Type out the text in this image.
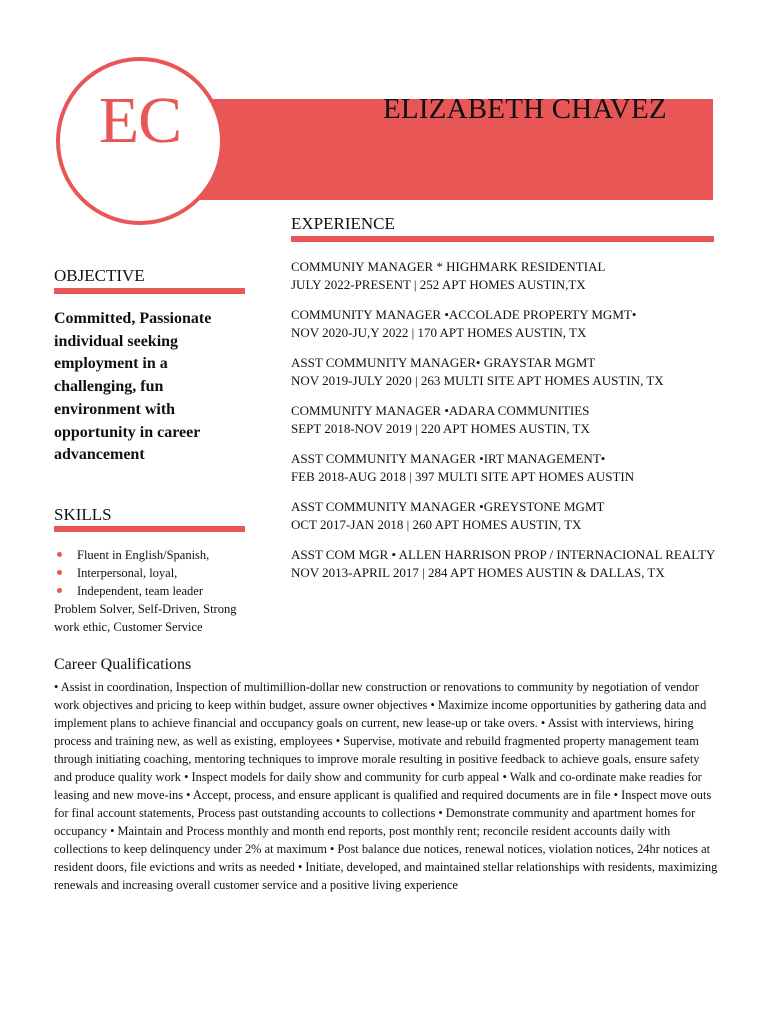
ELIZABETH CHAVEZ
EC
EXPERIENCE
OBJECTIVE
Committed, Passionate individual seeking employment in a challenging, fun environment with opportunity in career advancement
SKILLS
Fluent in English/Spanish,
Interpersonal, loyal,
Independent, team leader
Problem Solver, Self-Driven, Strong work ethic, Customer Service
COMMUNIY MANAGER * HIGHMARK RESIDENTIAL
JULY 2022-PRESENT | 252 APT HOMES AUSTIN,TX
COMMUNITY MANAGER •ACCOLADE PROPERTY MGMT•
NOV 2020-JU,Y 2022 | 170 APT HOMES AUSTIN, TX
ASST COMMUNITY MANAGER• GRAYSTAR MGMT
NOV 2019-JULY 2020 | 263 MULTI SITE APT HOMES AUSTIN, TX
COMMUNITY MANAGER •ADARA COMMUNITIES
SEPT 2018-NOV 2019 | 220 APT HOMES AUSTIN, TX
ASST COMMUNITY MANAGER •IRT MANAGEMENT•
FEB 2018-AUG 2018 | 397 MULTI SITE APT HOMES AUSTIN
ASST COMMUNITY MANAGER •GREYSTONE MGMT
OCT 2017-JAN 2018 | 260 APT HOMES AUSTIN, TX
ASST COM MGR • ALLEN HARRISON PROP / INTERNACIONAL REALTY
NOV 2013-APRIL 2017 | 284 APT HOMES AUSTIN & DALLAS, TX
Career Qualifications
• Assist in coordination, Inspection of multimillion-dollar new construction or renovations to community by negotiation of vendor work objectives and pricing to keep within budget, assure owner objectives • Maximize income opportunities by gathering data and implement plans to achieve financial and occupancy goals on current, new lease-up or take overs. • Assist with interviews, hiring process and training new, as well as existing, employees • Supervise, motivate and rebuild fragmented property management team through initiating coaching, mentoring techniques to improve morale resulting in positive feedback to achieve goals, ensure safety and produce quality work • Inspect models for daily show and community for curb appeal • Walk and co-ordinate make readies for leasing and new move-ins • Accept, process, and ensure applicant is qualified and required documents are in file • Inspect move outs for final account statements, Process past outstanding accounts to collections • Demonstrate community and apartment homes for occupancy • Maintain and Process monthly and month end reports, post monthly rent; reconcile resident accounts daily with collections to keep delinquency under 2% at maximum • Post balance due notices, renewal notices, violation notices, 24hr notices at resident doors, file evictions and writs as needed • Initiate, developed, and maintained stellar relationships with residents, maximizing renewals and increasing overall customer service and a positive living experience
